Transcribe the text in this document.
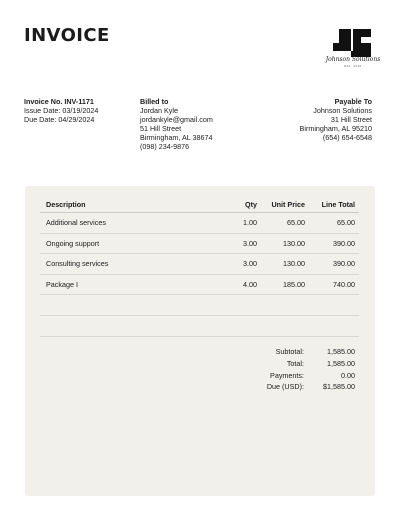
INVOICE
Johnson Solutions
EST. 2020
Invoice No. INV-1171
Issue Date: 03/19/2024
Due Date: 04/29/2024
Billed to
Jordan Kyle
jordankyle@gmail.com
51 Hill Street
Birmingham, AL 38674
(098) 234-9876
Payable To
Johnson Solutions
31 Hill Street
Birmingham, AL 95210
(654) 654-6548
Description	Qty	Unit Price	Line Total
Additional services	1.00	65.00	65.00
Ongoing support	3.00	130.00	390.00
Consulting services	3.00	130.00	390.00
Package I	4.00	185.00	740.00

Subtotal:	1,585.00
Total:	1,585.00
Payments:	0.00
Due (USD):	$1,585.00
